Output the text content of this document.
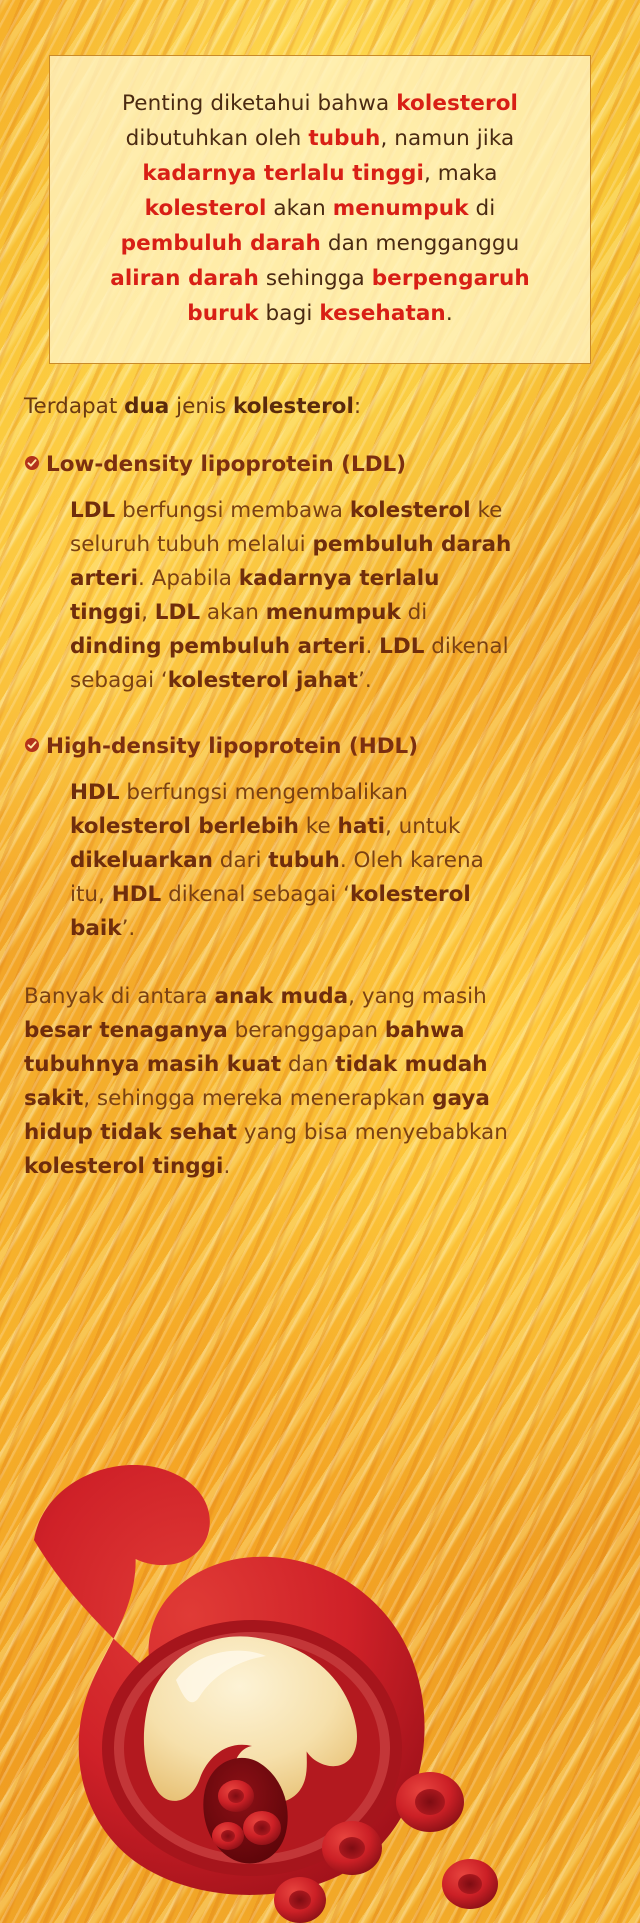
Penting diketahui bahwa kolesterol dibutuhkan oleh tubuh, namun jika kadarnya terlalu tinggi, maka kolesterol akan menumpuk di pembuluh darah dan mengganggu aliran darah sehingga berpengaruh buruk bagi kesehatan.

Terdapat dua jenis kolesterol:

Low-density lipoprotein (LDL)

LDL berfungsi membawa kolesterol ke seluruh tubuh melalui pembuluh darah arteri. Apabila kadarnya terlalu tinggi, LDL akan menumpuk di dinding pembuluh arteri. LDL dikenal sebagai ‘kolesterol jahat’.

High-density lipoprotein (HDL)

HDL berfungsi mengembalikan kolesterol berlebih ke hati, untuk dikeluarkan dari tubuh. Oleh karena itu, HDL dikenal sebagai ‘kolesterol baik’.

Banyak di antara anak muda, yang masih besar tenaganya beranggapan bahwa tubuhnya masih kuat dan tidak mudah sakit, sehingga mereka menerapkan gaya hidup tidak sehat yang bisa menyebabkan kolesterol tinggi.
